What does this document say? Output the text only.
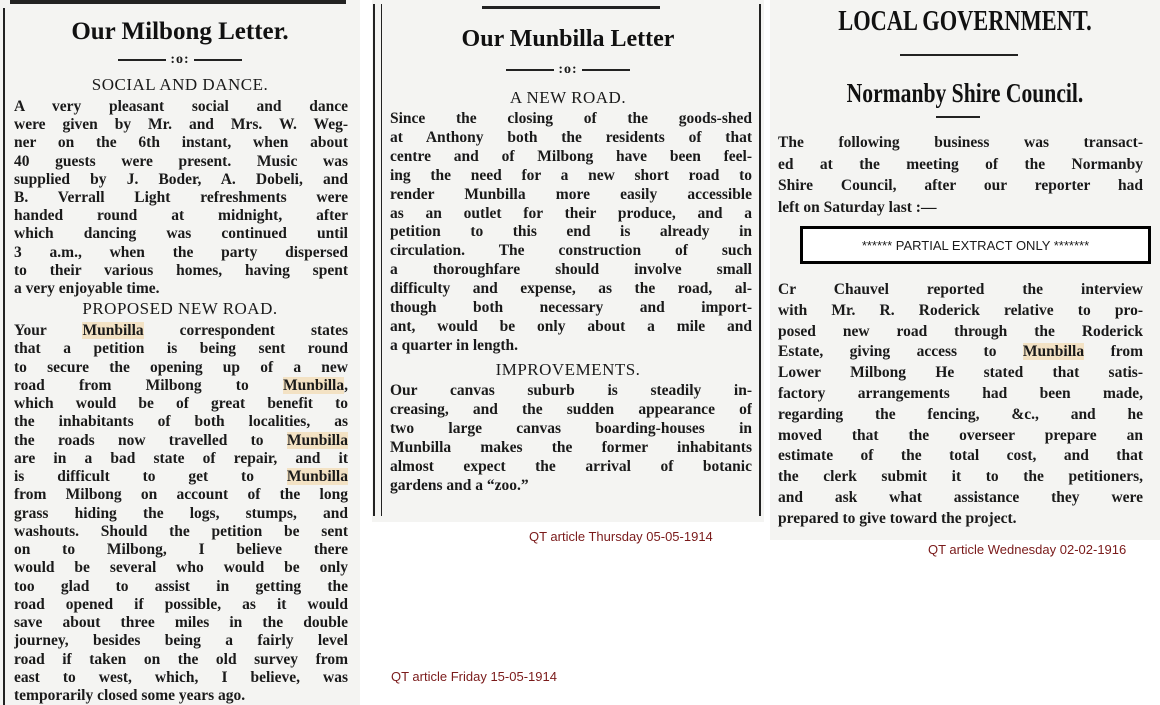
Our Milbong Letter.
:o:
SOCIAL AND DANCE.
A very pleasant social and dance
were given by Mr. and Mrs. W. Weg-
ner on the 6th instant, when about
40 guests were present. Music was
supplied by J. Boder, A. Dobeli, and
B. Verrall Light refreshments were
handed round at midnight, after
which dancing was continued until
3 a.m., when the party dispersed
to their various homes, having spent
a very enjoyable time.
PROPOSED NEW ROAD.
Your Munbilla correspondent states
that a petition is being sent round
to secure the opening up of a new
road from Milbong to Munbilla,
which would be of great benefit to
the inhabitants of both localities, as
the roads now travelled to Munbilla
are in a bad state of repair, and it
is difficult to get to Munbilla
from Milbong on account of the long
grass hiding the logs, stumps, and
washouts. Should the petition be sent
on to Milbong, I believe there
would be several who would be only
too glad to assist in getting the
road opened if possible, as it would
save about three miles in the double
journey, besides being a fairly level
road if taken on the old survey from
east to west, which, I believe, was
temporarily closed some years ago.
Our Munbilla Letter
:o:
A NEW ROAD.
Since the closing of the goods-shed
at Anthony both the residents of that
centre and of Milbong have been feel-
ing the need for a new short road to
render Munbilla more easily accessible
as an outlet for their produce, and a
petition to this end is already in
circulation. The construction of such
a thoroughfare should involve small
difficulty and expense, as the road, al-
though both necessary and import-
ant, would be only about a mile and
a quarter in length.
IMPROVEMENTS.
Our canvas suburb is steadily in-
creasing, and the sudden appearance of
two large canvas boarding-houses in
Munbilla makes the former inhabitants
almost expect the arrival of botanic
gardens and a “zoo.”
QT article Thursday 05-05-1914
QT article Friday 15-05-1914
LOCAL GOVERNMENT.
Normanby Shire Council.
The following business was transact-
ed at the meeting of the Normanby
Shire Council, after our reporter had
left on Saturday last :—
Cr Chauvel reported the interview
with Mr. R. Roderick relative to pro-
posed new road through the Roderick
Estate, giving access to Munbilla from
Lower Milbong He stated that satis-
factory arrangements had been made,
regarding the fencing, &c., and he
moved that the overseer prepare an
estimate of the total cost, and that
the clerk submit it to the petitioners,
and ask what assistance they were
prepared to give toward the project.
****** PARTIAL EXTRACT ONLY *******
QT article Wednesday 02-02-1916
